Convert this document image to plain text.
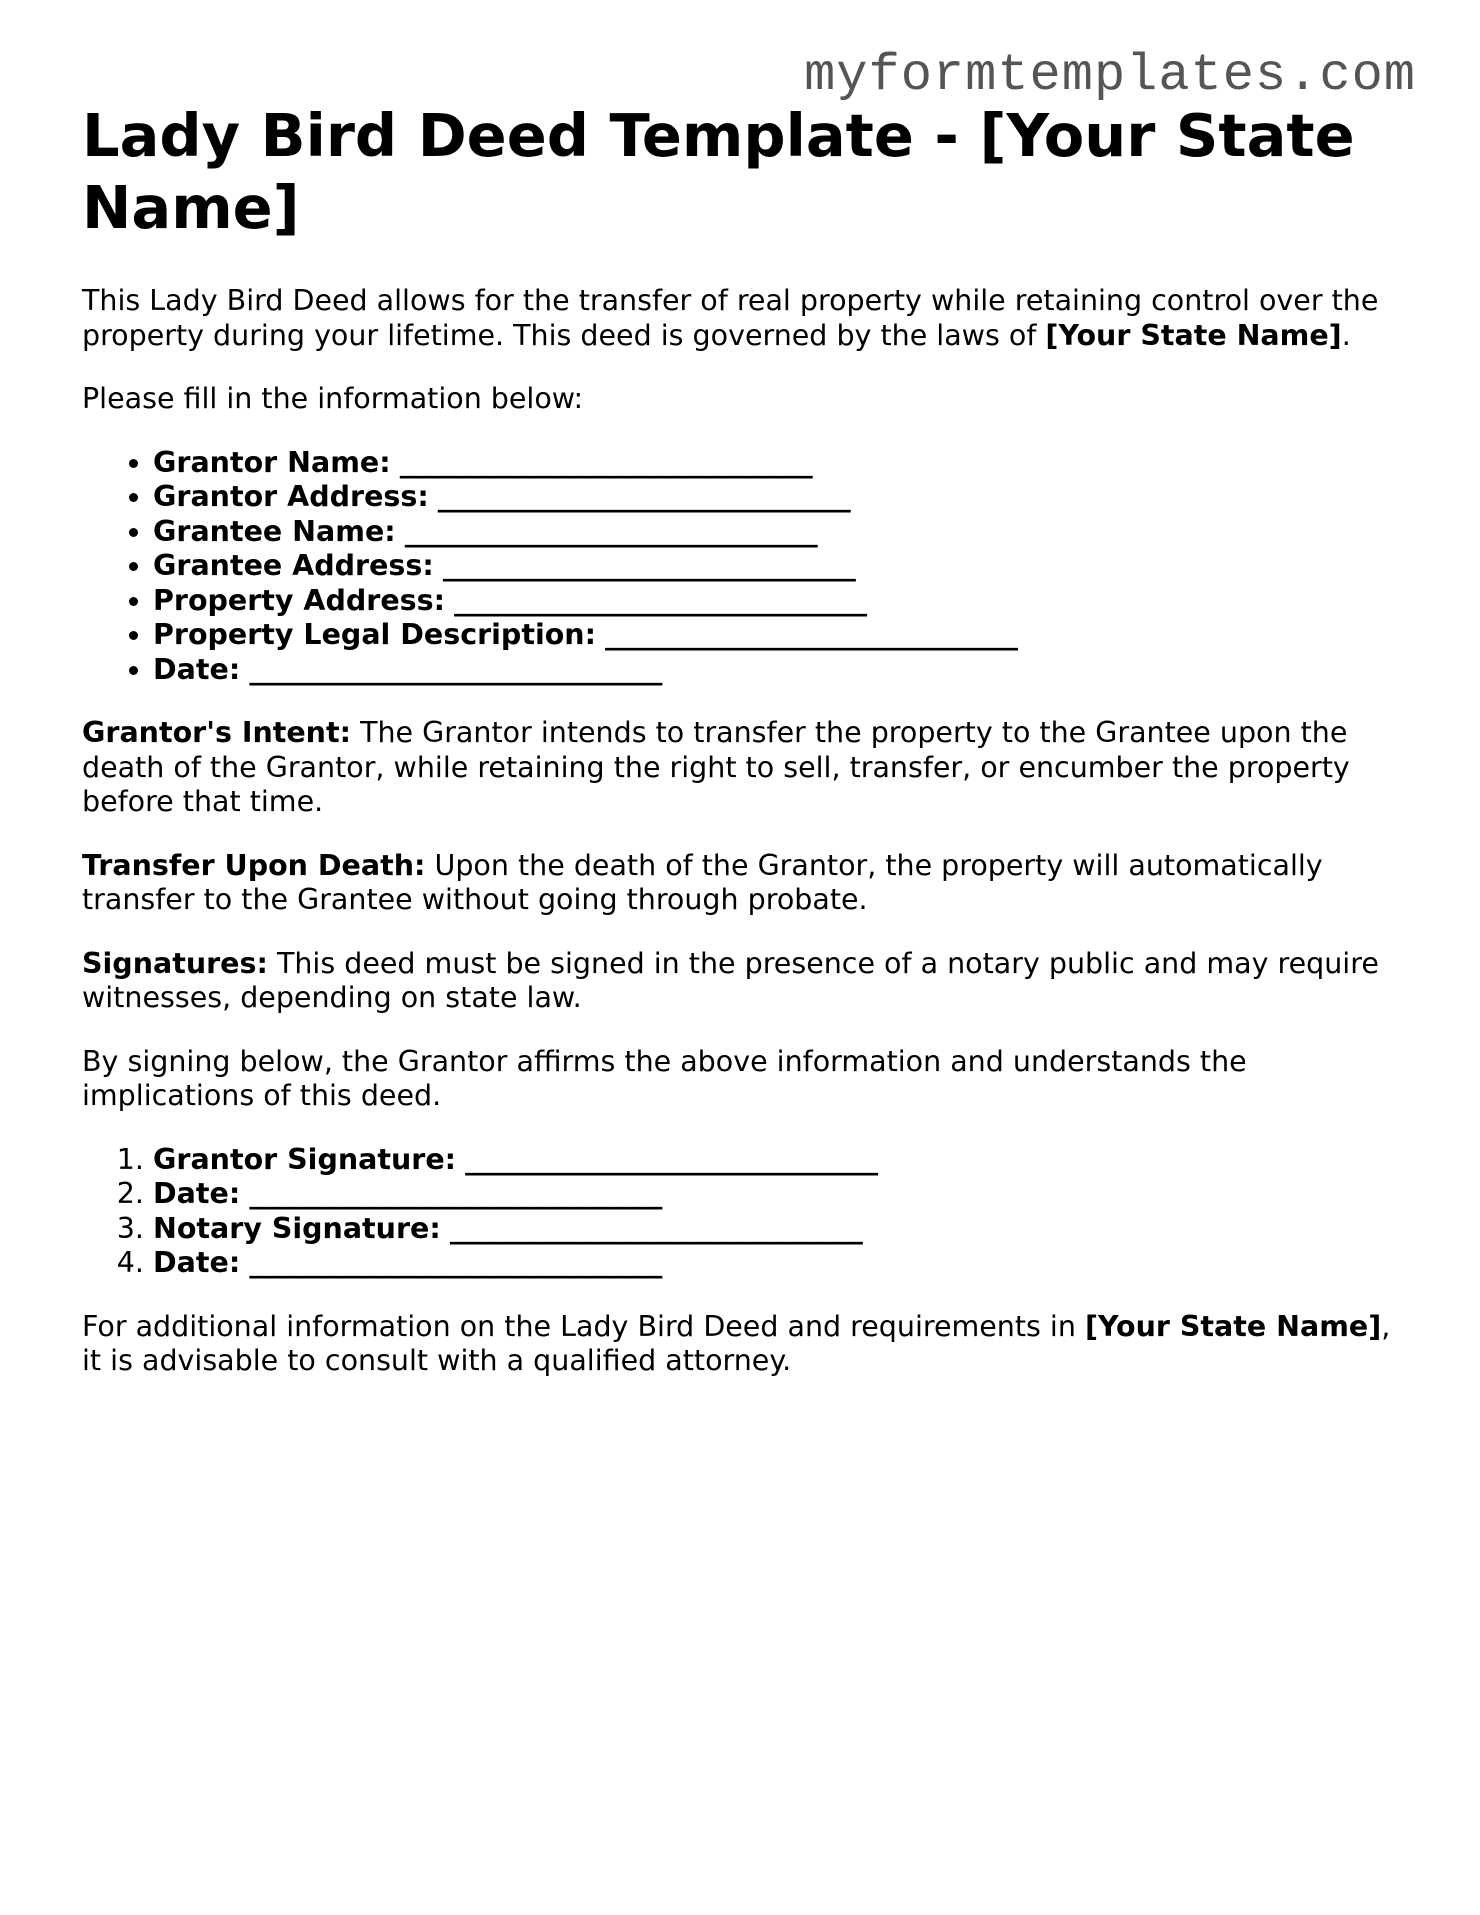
myformtemplates.com
Lady Bird Deed Template - [Your State Name]

This Lady Bird Deed allows for the transfer of real property while retaining control over the property during your lifetime. This deed is governed by the laws of [Your State Name].

Please fill in the information below:

• Grantor Name: ______________________________
• Grantor Address: ______________________________
• Grantee Name: ______________________________
• Grantee Address: ______________________________
• Property Address: ______________________________
• Property Legal Description: ______________________________
• Date: ______________________________

Grantor's Intent: The Grantor intends to transfer the property to the Grantee upon the death of the Grantor, while retaining the right to sell, transfer, or encumber the property before that time.

Transfer Upon Death: Upon the death of the Grantor, the property will automatically transfer to the Grantee without going through probate.

Signatures: This deed must be signed in the presence of a notary public and may require witnesses, depending on state law.

By signing below, the Grantor affirms the above information and understands the implications of this deed.

1. Grantor Signature: ______________________________
2. Date: ______________________________
3. Notary Signature: ______________________________
4. Date: ______________________________

For additional information on the Lady Bird Deed and requirements in [Your State Name], it is advisable to consult with a qualified attorney.
